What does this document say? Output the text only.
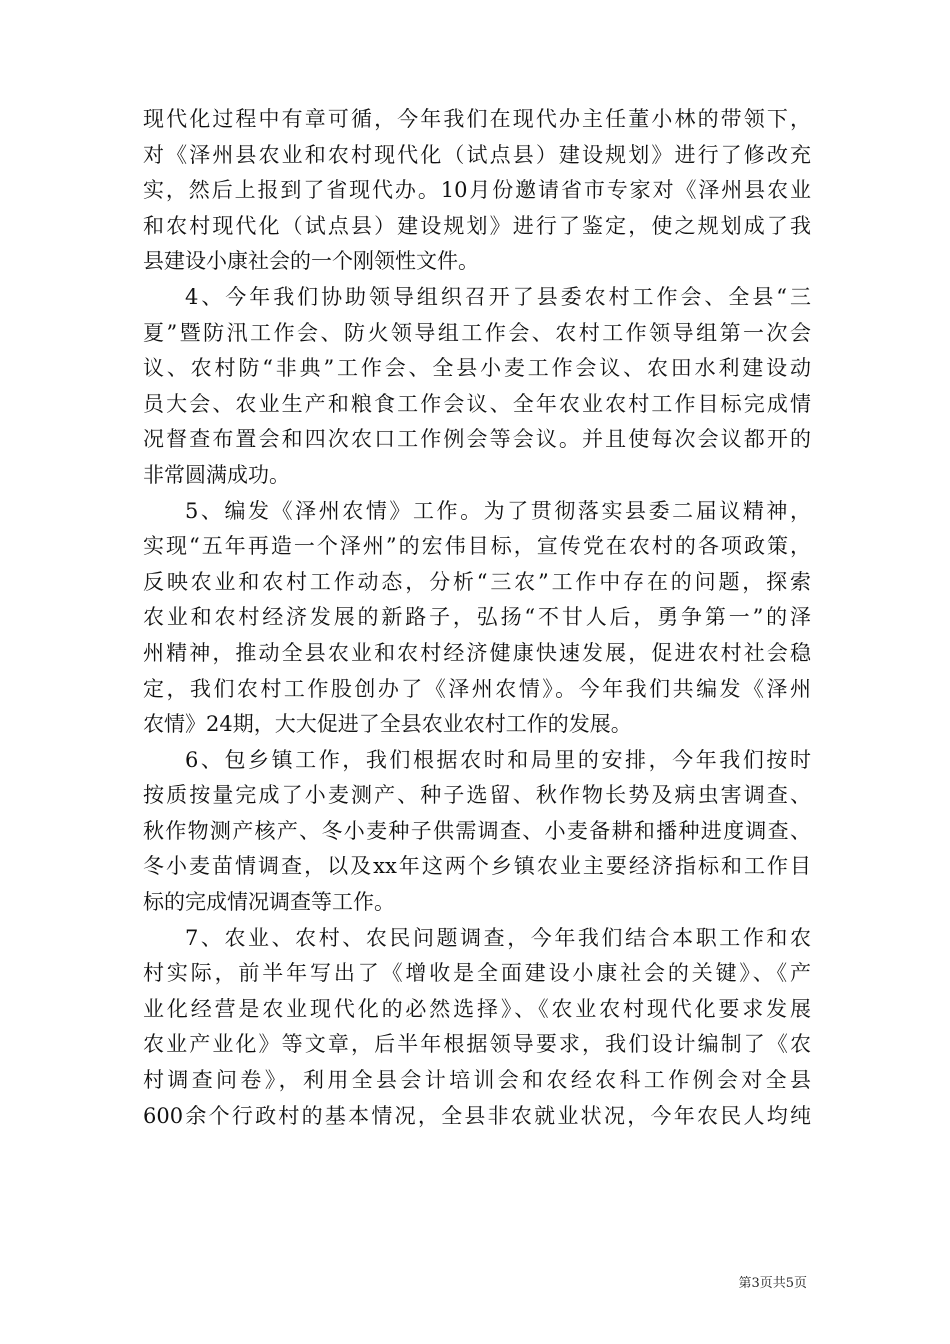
现代化过程中有章可循，今年我们在现代办主任董小林的带领下，
对《泽州县农业和农村现代化（试点县）建设规划》进行了修改充
实，然后上报到了省现代办。10月份邀请省市专家对《泽州县农业
和农村现代化（试点县）建设规划》进行了鉴定，使之规划成了我
县建设小康社会的一个刚领性文件。
4、今年我们协助领导组织召开了县委农村工作会、全县“三
夏”暨防汛工作会、防火领导组工作会、农村工作领导组第一次会
议、农村防“非典”工作会、全县小麦工作会议、农田水利建设动
员大会、农业生产和粮食工作会议、全年农业农村工作目标完成情
况督查布置会和四次农口工作例会等会议。并且使每次会议都开的
非常圆满成功。
5、编发《泽州农情》工作。为了贯彻落实县委二届议精神，
实现“五年再造一个泽州”的宏伟目标，宣传党在农村的各项政策，
反映农业和农村工作动态，分析“三农”工作中存在的问题，探索
农业和农村经济发展的新路子，弘扬“不甘人后，勇争第一”的泽
州精神，推动全县农业和农村经济健康快速发展，促进农村社会稳
定，我们农村工作股创办了《泽州农情》。今年我们共编发《泽州
农情》24期，大大促进了全县农业农村工作的发展。
6、包乡镇工作，我们根据农时和局里的安排，今年我们按时
按质按量完成了小麦测产、种子选留、秋作物长势及病虫害调查、
秋作物测产核产、冬小麦种子供需调查、小麦备耕和播种进度调查、
冬小麦苗情调查，以及xx年这两个乡镇农业主要经济指标和工作目
标的完成情况调查等工作。
7、农业、农村、农民问题调查，今年我们结合本职工作和农
村实际，前半年写出了《增收是全面建设小康社会的关键》、《产
业化经营是农业现代化的必然选择》、《农业农村现代化要求发展
农业产业化》等文章，后半年根据领导要求，我们设计编制了《农
村调查问卷》，利用全县会计培训会和农经农科工作例会对全县
600余个行政村的基本情况，全县非农就业状况，今年农民人均纯
第3页共5页
